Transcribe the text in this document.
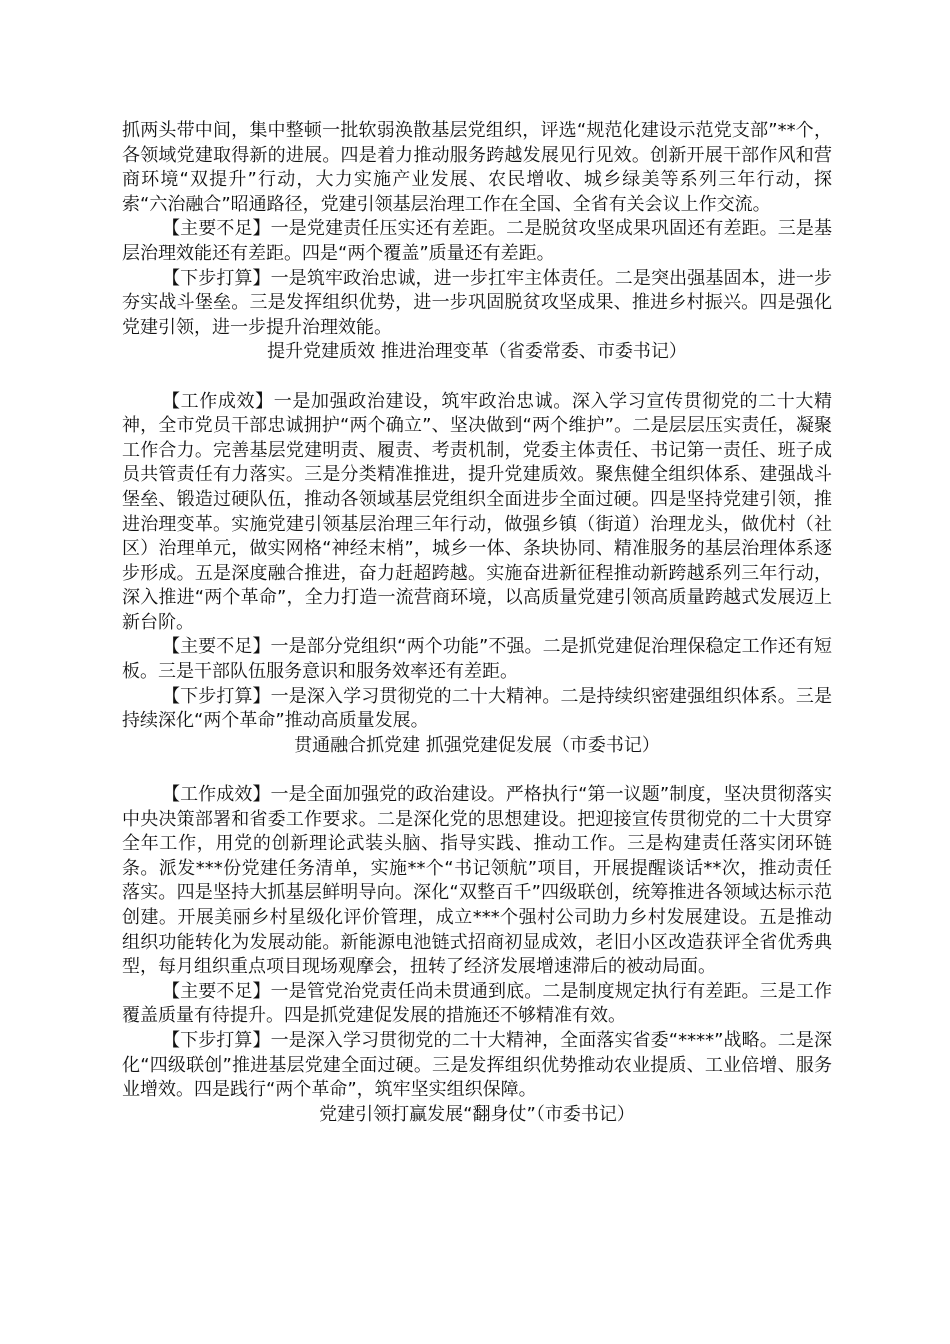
抓两头带中间，集中整顿一批软弱涣散基层党组织，评选“规范化建设示范党支部”**个，各领域党建取得新的进展。四是着力推动服务跨越发展见行见效。创新开展干部作风和营商环境“双提升”行动，大力实施产业发展、农民增收、城乡绿美等系列三年行动，探索“六治融合”昭通路径，党建引领基层治理工作在全国、全省有关会议上作交流。

【主要不足】一是党建责任压实还有差距。二是脱贫攻坚成果巩固还有差距。三是基层治理效能还有差距。四是“两个覆盖”质量还有差距。

【下步打算】一是筑牢政治忠诚，进一步扛牢主体责任。二是突出强基固本，进一步夯实战斗堡垒。三是发挥组织优势，进一步巩固脱贫攻坚成果、推进乡村振兴。四是强化党建引领，进一步提升治理效能。

提升党建质效 推进治理变革（省委常委、市委书记）

【工作成效】一是加强政治建设，筑牢政治忠诚。深入学习宣传贯彻党的二十大精神，全市党员干部忠诚拥护“两个确立”、坚决做到“两个维护”。二是层层压实责任，凝聚工作合力。完善基层党建明责、履责、考责机制，党委主体责任、书记第一责任、班子成员共管责任有力落实。三是分类精准推进，提升党建质效。聚焦健全组织体系、建强战斗堡垒、锻造过硬队伍，推动各领域基层党组织全面进步全面过硬。四是坚持党建引领，推进治理变革。实施党建引领基层治理三年行动，做强乡镇（街道）治理龙头，做优村（社区）治理单元，做实网格“神经末梢”，城乡一体、条块协同、精准服务的基层治理体系逐步形成。五是深度融合推进，奋力赶超跨越。实施奋进新征程推动新跨越系列三年行动，深入推进“两个革命”，全力打造一流营商环境，以高质量党建引领高质量跨越式发展迈上新台阶。

【主要不足】一是部分党组织“两个功能”不强。二是抓党建促治理保稳定工作还有短板。三是干部队伍服务意识和服务效率还有差距。

【下步打算】一是深入学习贯彻党的二十大精神。二是持续织密建强组织体系。三是持续深化“两个革命”推动高质量发展。

贯通融合抓党建 抓强党建促发展（市委书记）

【工作成效】一是全面加强党的政治建设。严格执行“第一议题”制度，坚决贯彻落实中央决策部署和省委工作要求。二是深化党的思想建设。把迎接宣传贯彻党的二十大贯穿全年工作，用党的创新理论武装头脑、指导实践、推动工作。三是构建责任落实闭环链条。派发***份党建任务清单，实施**个“书记领航”项目，开展提醒谈话**次，推动责任落实。四是坚持大抓基层鲜明导向。深化“双整百千”四级联创，统筹推进各领域达标示范创建。开展美丽乡村星级化评价管理，成立***个强村公司助力乡村发展建设。五是推动组织功能转化为发展动能。新能源电池链式招商初显成效，老旧小区改造获评全省优秀典型，每月组织重点项目现场观摩会，扭转了经济发展增速滞后的被动局面。

【主要不足】一是管党治党责任尚未贯通到底。二是制度规定执行有差距。三是工作覆盖质量有待提升。四是抓党建促发展的措施还不够精准有效。

【下步打算】一是深入学习贯彻党的二十大精神，全面落实省委“****”战略。二是深化“四级联创”推进基层党建全面过硬。三是发挥组织优势推动农业提质、工业倍增、服务业增效。四是践行“两个革命”，筑牢坚实组织保障。

党建引领打赢发展“翻身仗”（市委书记）
